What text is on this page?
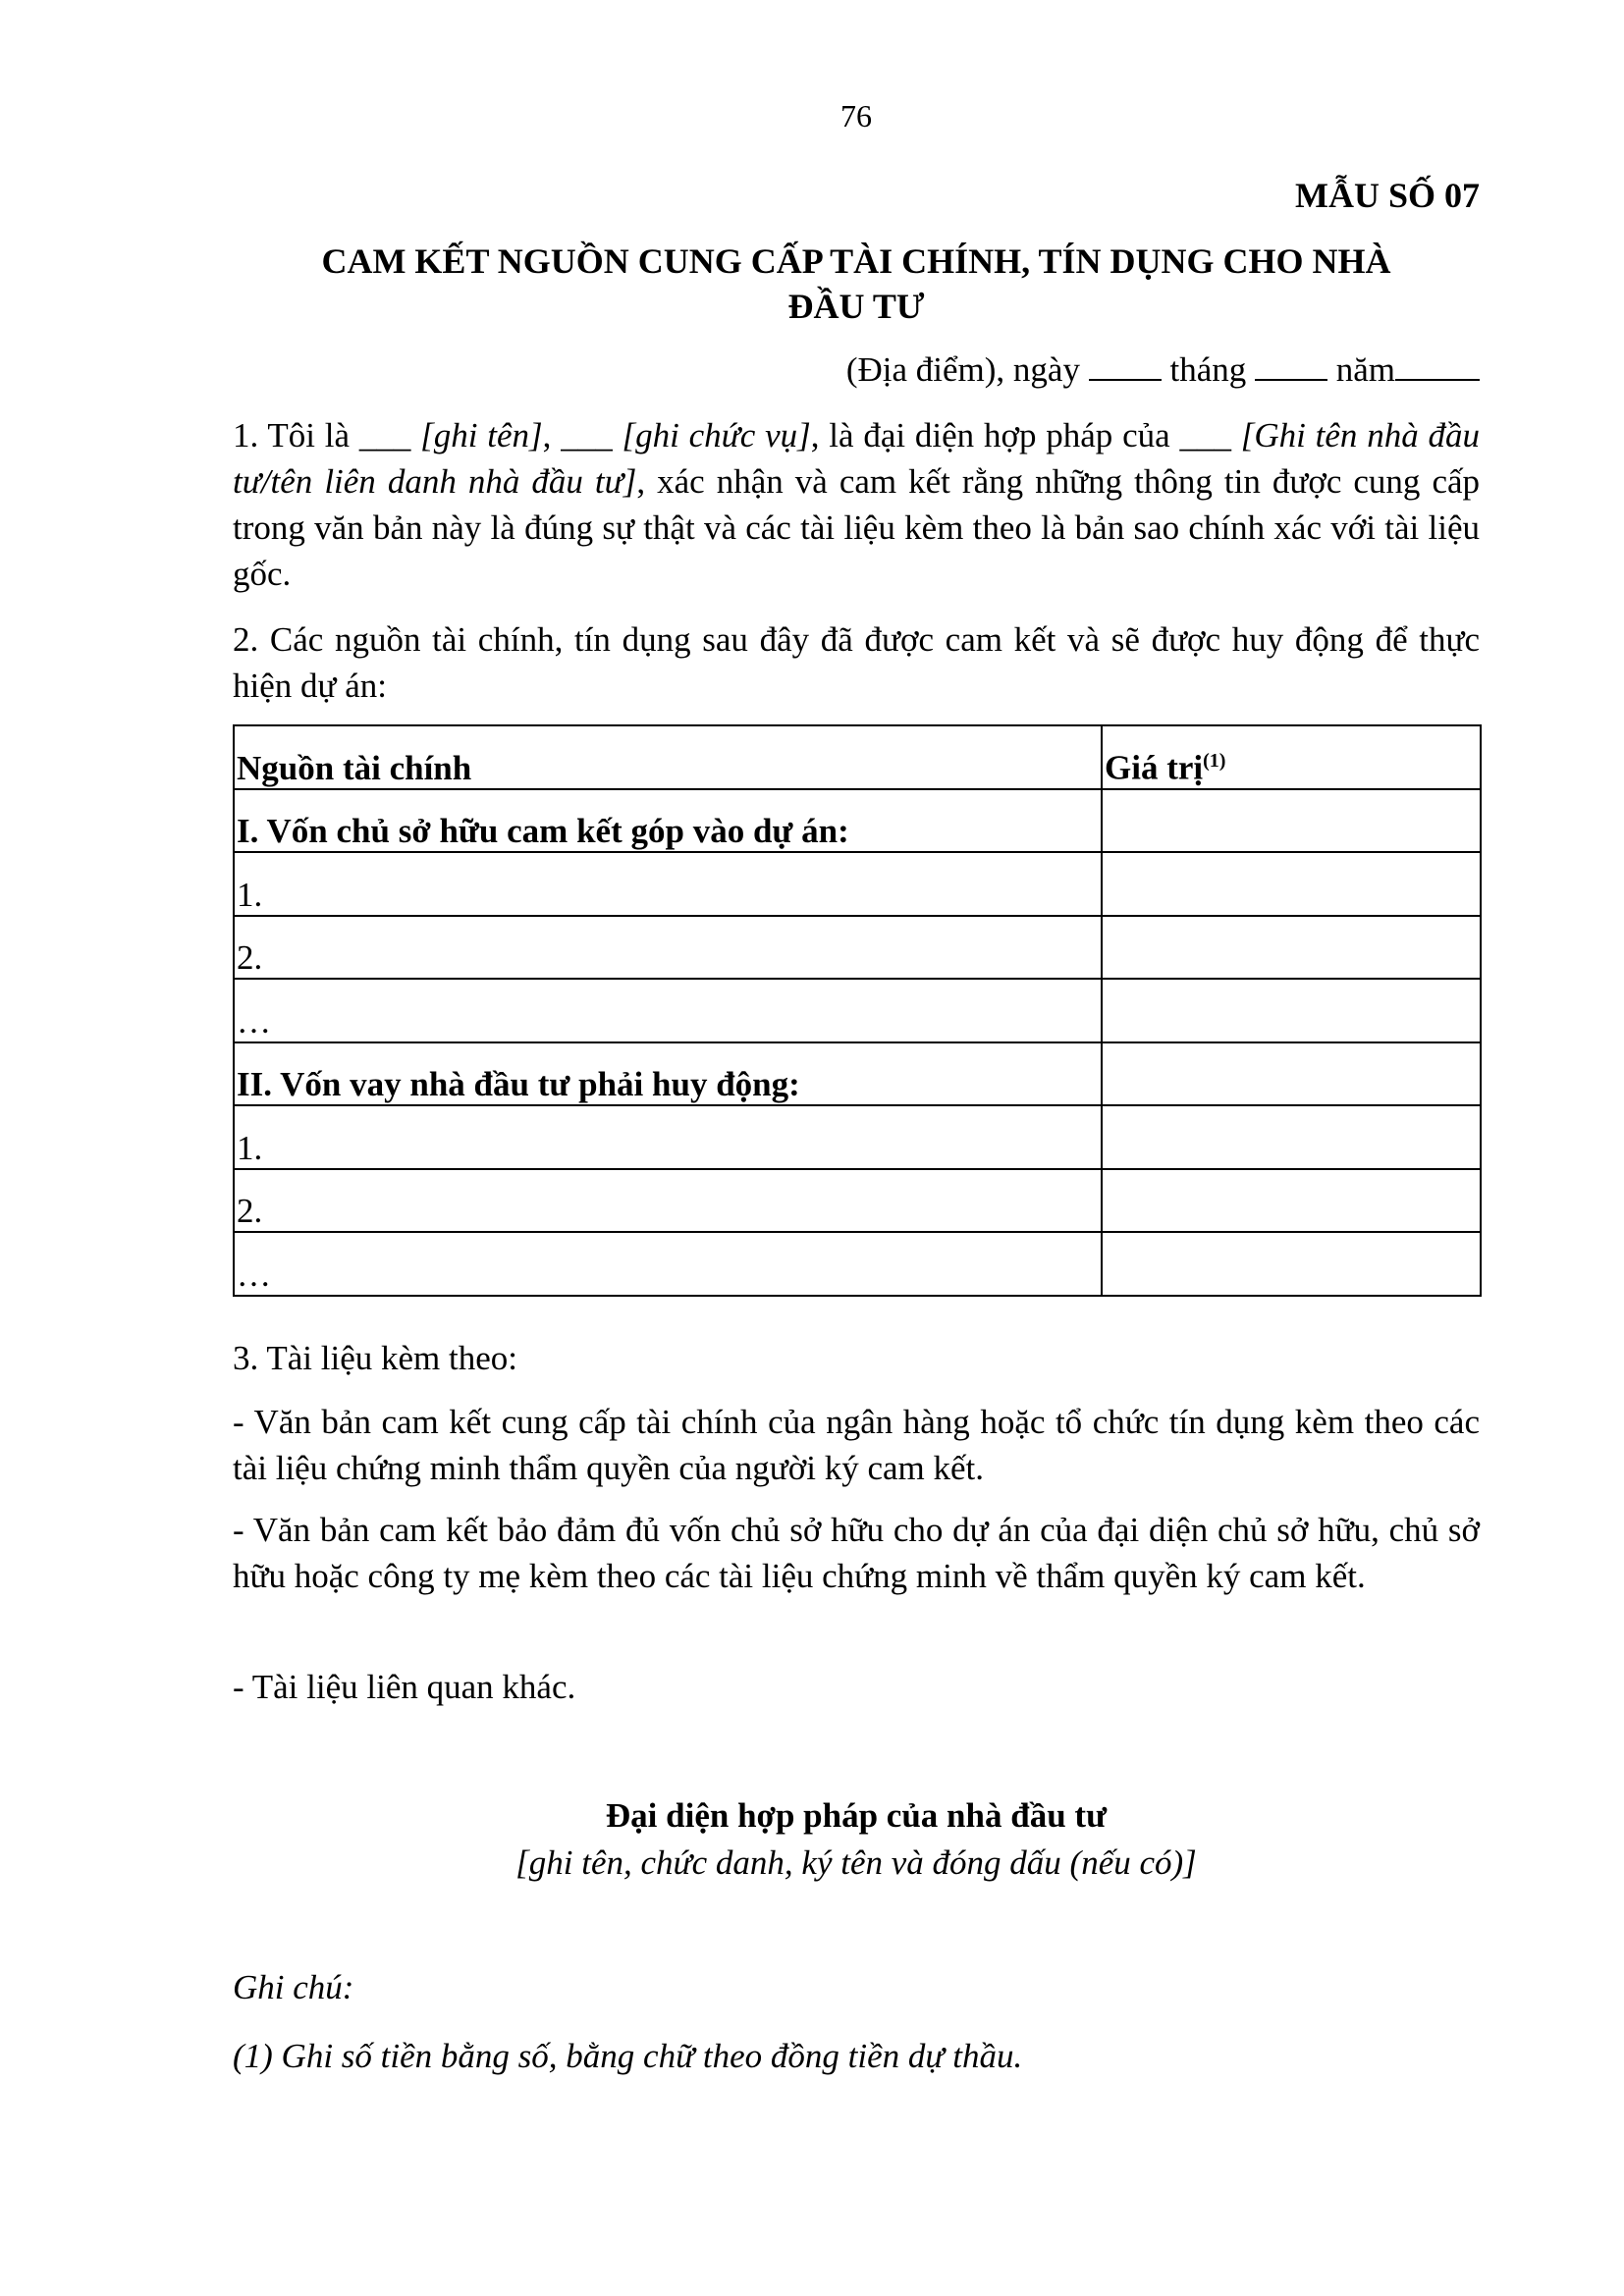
76
MẪU SỐ 07
CAM KẾT NGUỒN CUNG CẤP TÀI CHÍNH, TÍN DỤNG CHO NHÀ
ĐẦU TƯ
(Địa điểm), ngày	tháng	năm
1. Tôi là ___ [ghi tên], ___ [ghi chức vụ], là đại diện hợp pháp của ___ [Ghi tên nhà đầu tư/tên liên danh nhà đầu tư], xác nhận và cam kết rằng những thông tin được cung cấp trong văn bản này là đúng sự thật và các tài liệu kèm theo là bản sao chính xác với tài liệu gốc.
2. Các nguồn tài chính, tín dụng sau đây đã được cam kết và sẽ được huy động để thực hiện dự án:
Nguồn tài chính	Giá trị$^{(1)}$
I. Vốn chủ sở hữu cam kết góp vào dự án:	
1.	
2.	
…	
II. Vốn vay nhà đầu tư phải huy động:	
1.	
2.	
…	
3. Tài liệu kèm theo:
- Văn bản cam kết cung cấp tài chính của ngân hàng hoặc tổ chức tín dụng kèm theo các tài liệu chứng minh thẩm quyền của người ký cam kết.
- Văn bản cam kết bảo đảm đủ vốn chủ sở hữu cho dự án của đại diện chủ sở hữu, chủ sở hữu hoặc công ty mẹ kèm theo các tài liệu chứng minh về thẩm quyền ký cam kết.
- Tài liệu liên quan khác.
Đại diện hợp pháp của nhà đầu tư
[ghi tên, chức danh, ký tên và đóng dấu (nếu có)]
Ghi chú:
(1) Ghi số tiền bằng số, bằng chữ theo đồng tiền dự thầu.
